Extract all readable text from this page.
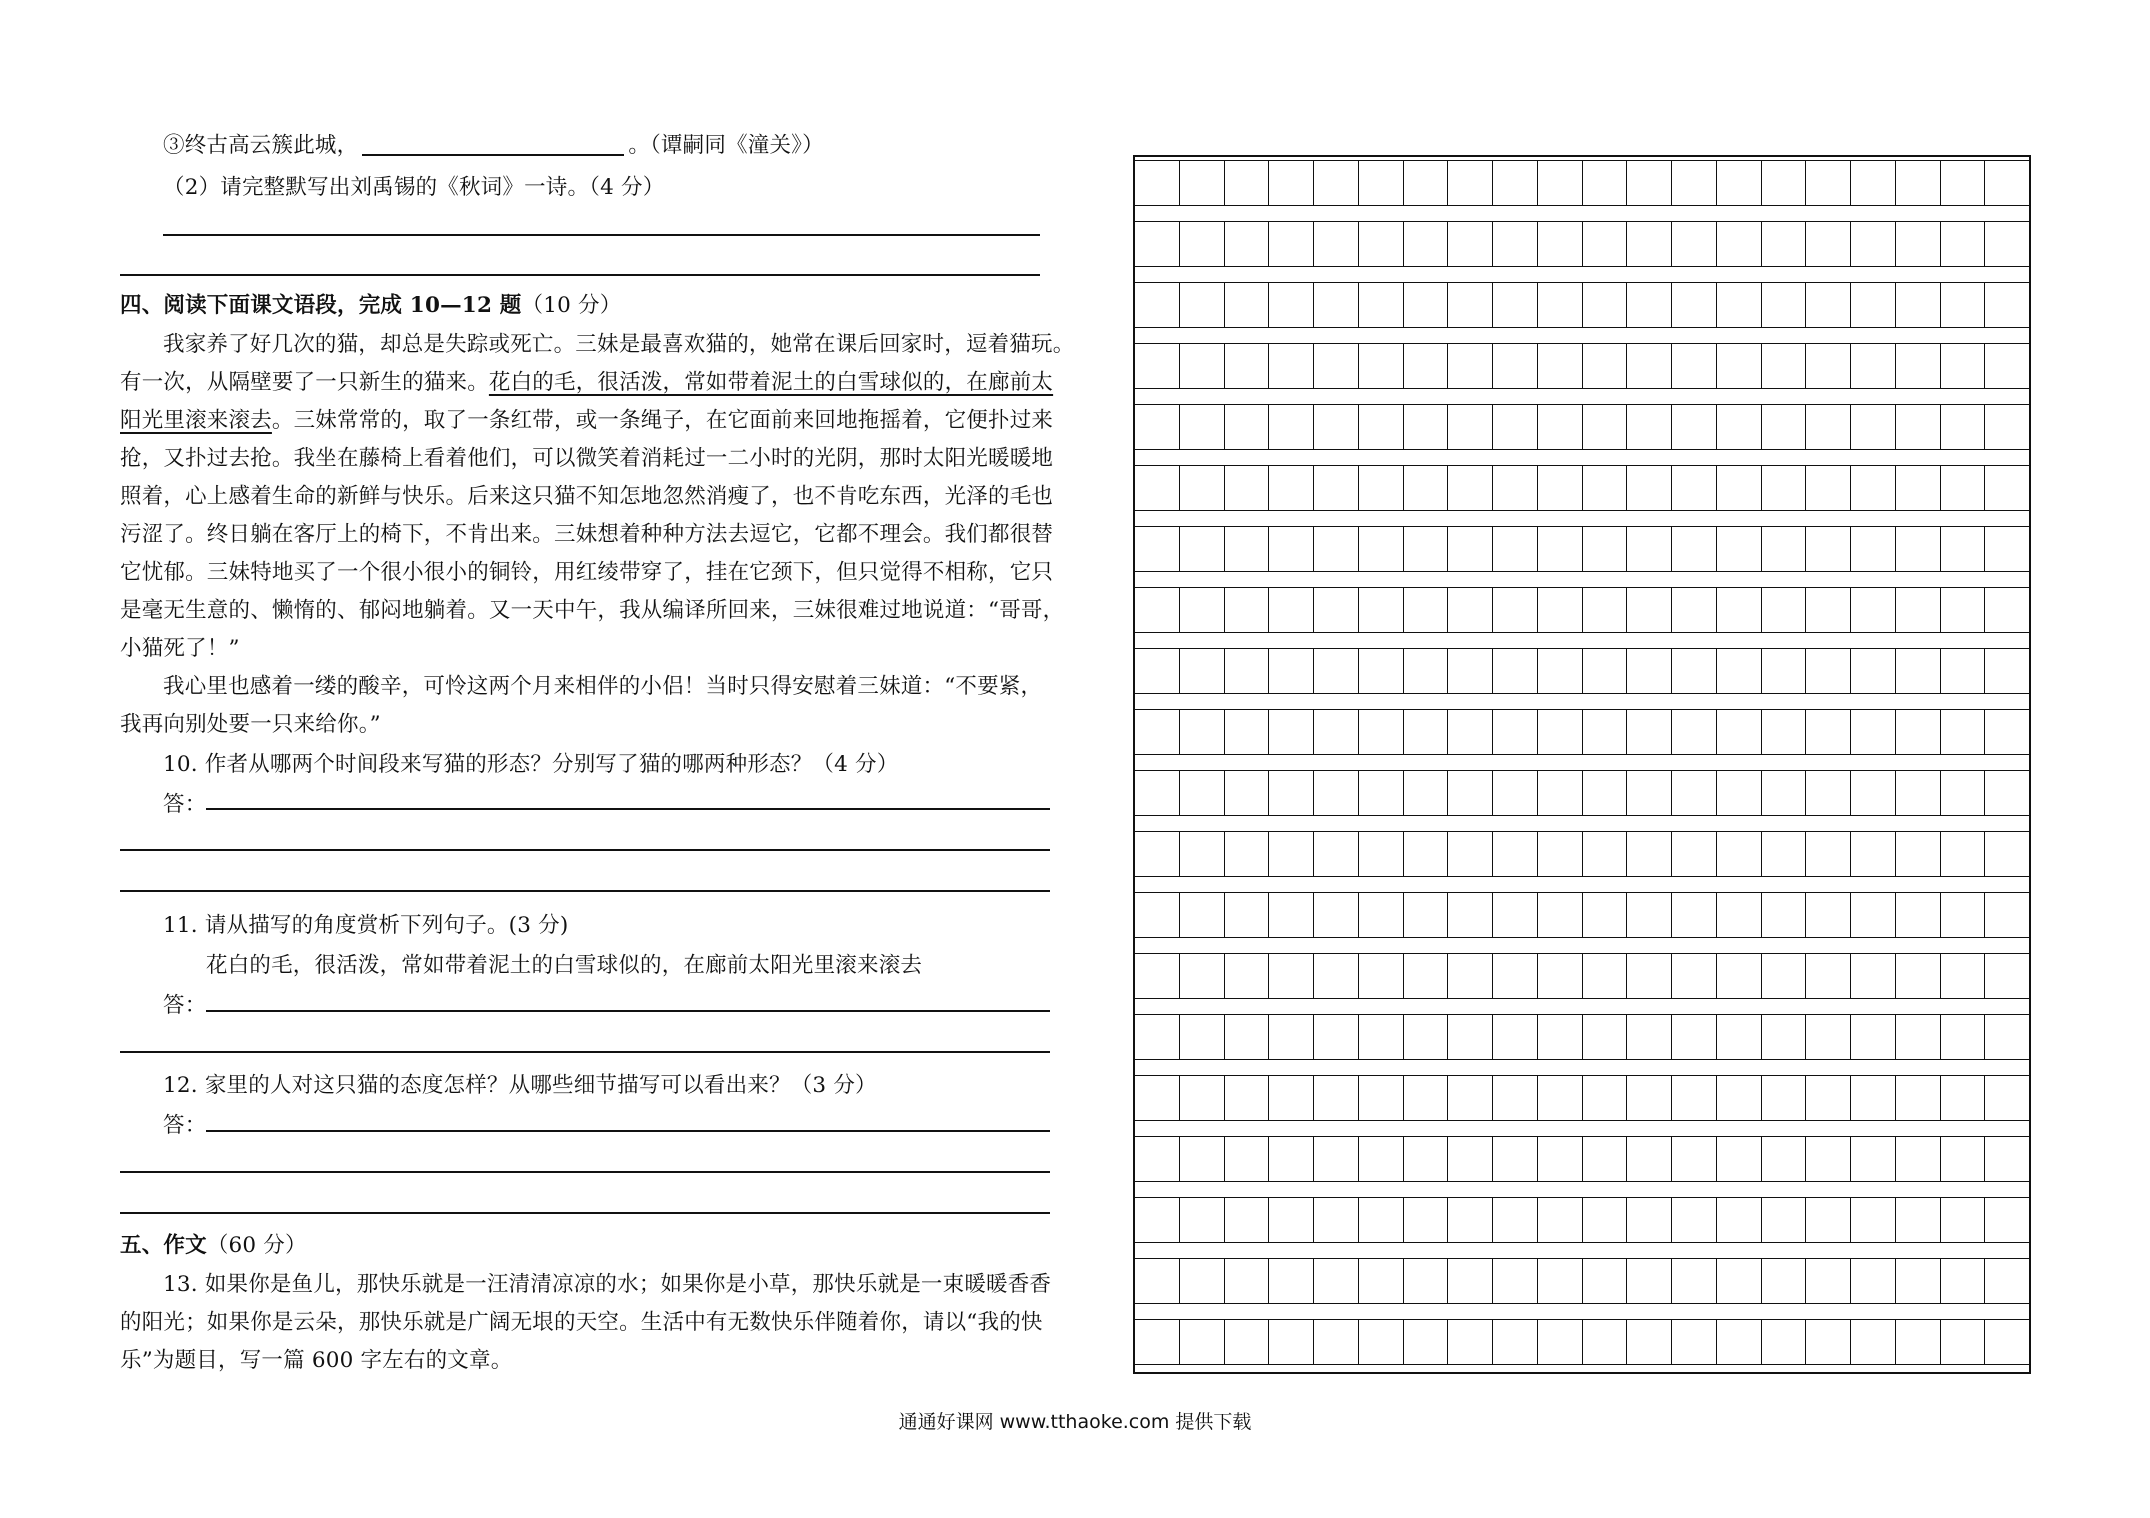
③终古高云簇此城，	。（谭嗣同《潼关》）
（2）请完整默写出刘禹锡的《秋词》一诗。（4 分）
四、阅读下面课文语段，完成 10—12 题（10 分）
我家养了好几次的猫，却总是失踪或死亡。三妹是最喜欢猫的，她常在课后回家时，逗着猫玩。
有一次，从隔壁要了一只新生的猫来。花白的毛，很活泼，常如带着泥土的白雪球似的，在廊前太
阳光里滚来滚去。三妹常常的，取了一条红带，或一条绳子，在它面前来回地拖摇着，它便扑过来
抢，又扑过去抢。我坐在藤椅上看着他们，可以微笑着消耗过一二小时的光阴，那时太阳光暖暖地
照着，心上感着生命的新鲜与快乐。后来这只猫不知怎地忽然消瘦了，也不肯吃东西，光泽的毛也
污涩了。终日躺在客厅上的椅下，不肯出来。三妹想着种种方法去逗它，它都不理会。我们都很替
它忧郁。三妹特地买了一个很小很小的铜铃，用红绫带穿了，挂在它颈下，但只觉得不相称，它只
是毫无生意的、懒惰的、郁闷地躺着。又一天中午，我从编译所回来，三妹很难过地说道：“哥哥，
小猫死了！”
我心里也感着一缕的酸辛，可怜这两个月来相伴的小侣！当时只得安慰着三妹道：“不要紧，
我再向别处要一只来给你。”
10. 作者从哪两个时间段来写猫的形态？分别写了猫的哪两种形态？（4 分）
答：
11. 请从描写的角度赏析下列句子。(3 分)
花白的毛，很活泼，常如带着泥土的白雪球似的，在廊前太阳光里滚来滚去
答：
12. 家里的人对这只猫的态度怎样？从哪些细节描写可以看出来？（3 分）
答：
五、作文（60 分）
13. 如果你是鱼儿，那快乐就是一汪清清凉凉的水；如果你是小草，那快乐就是一束暖暖香香
的阳光；如果你是云朵，那快乐就是广阔无垠的天空。生活中有无数快乐伴随着你，请以“我的快
乐”为题目，写一篇 600 字左右的文章。
通通好课网 www.tthaoke.com 提供下载
